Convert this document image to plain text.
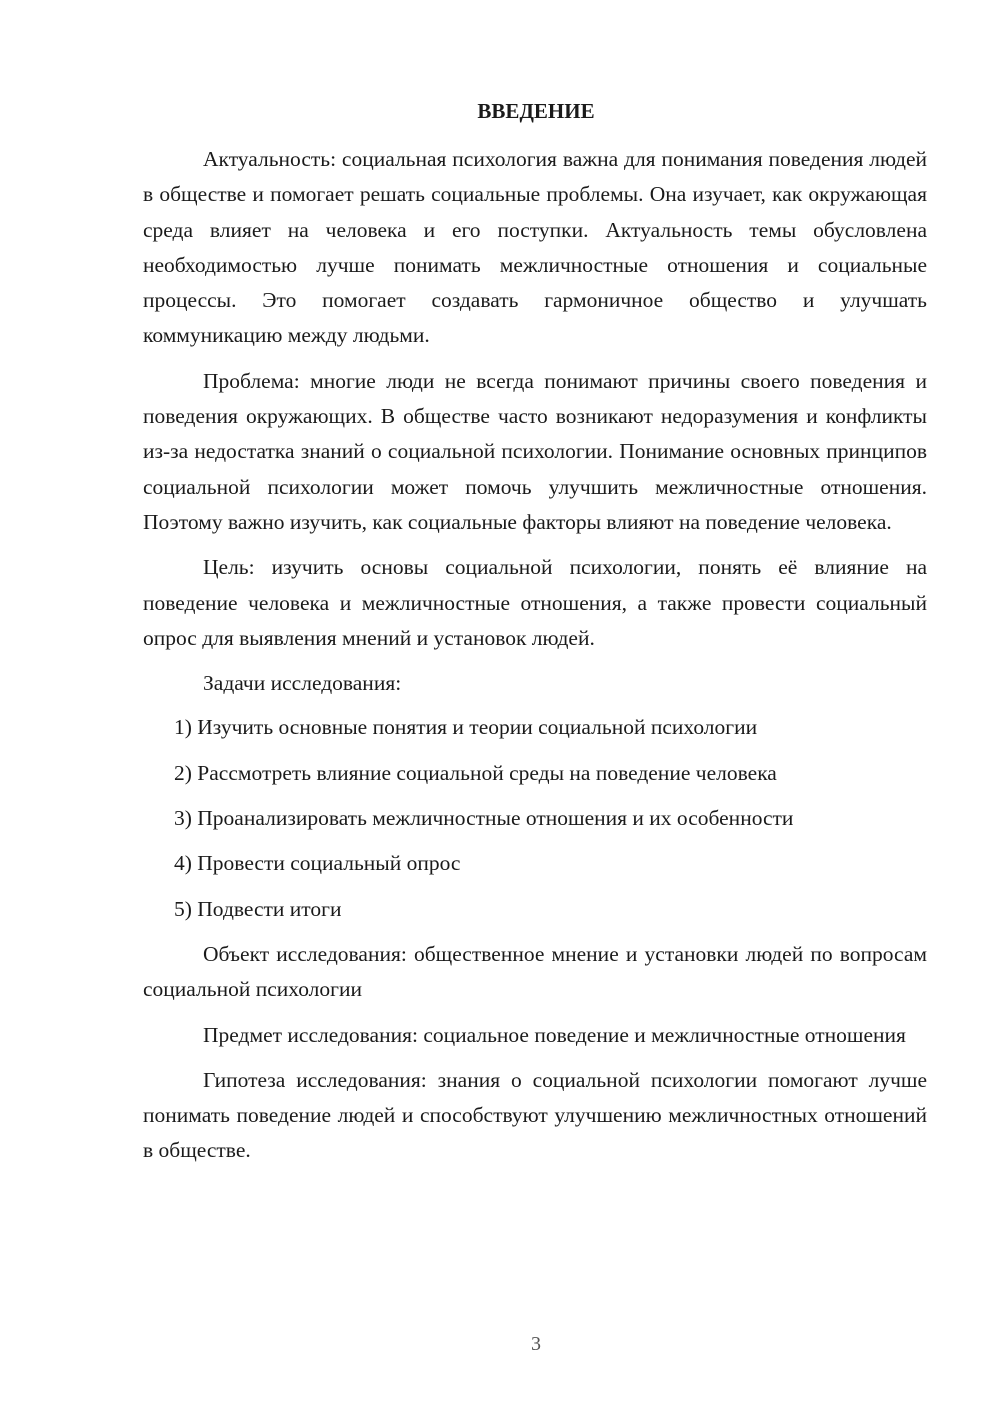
ВВЕДЕНИЕ

Актуальность: социальная психология важна для понимания поведения людей в обществе и помогает решать социальные проблемы. Она изучает, как окружающая среда влияет на человека и его поступки. Актуальность темы обусловлена необходимостью лучше понимать межличностные отношения и социальные процессы. Это помогает создавать гармоничное общество и улучшать коммуникацию между людьми.

Проблема: многие люди не всегда понимают причины своего поведения и поведения окружающих. В обществе часто возникают недоразумения и конфликты из-за недостатка знаний о социальной психологии. Понимание основных принципов социальной психологии может помочь улучшить межличностные отношения. Поэтому важно изучить, как социальные факторы влияют на поведение человека.

Цель: изучить основы социальной психологии, понять её влияние на поведение человека и межличностные отношения, а также провести социальный опрос для выявления мнений и установок людей.

Задачи исследования:

1) Изучить основные понятия и теории социальной психологии

2) Рассмотреть влияние социальной среды на поведение человека

3) Проанализировать межличностные отношения и их особенности

4) Провести социальный опрос

5) Подвести итоги

Объект исследования: общественное мнение и установки людей по вопросам социальной психологии

Предмет исследования: социальное поведение и межличностные отношения

Гипотеза исследования: знания о социальной психологии помогают лучше понимать поведение людей и способствуют улучшению межличностных отношений в обществе.

3
